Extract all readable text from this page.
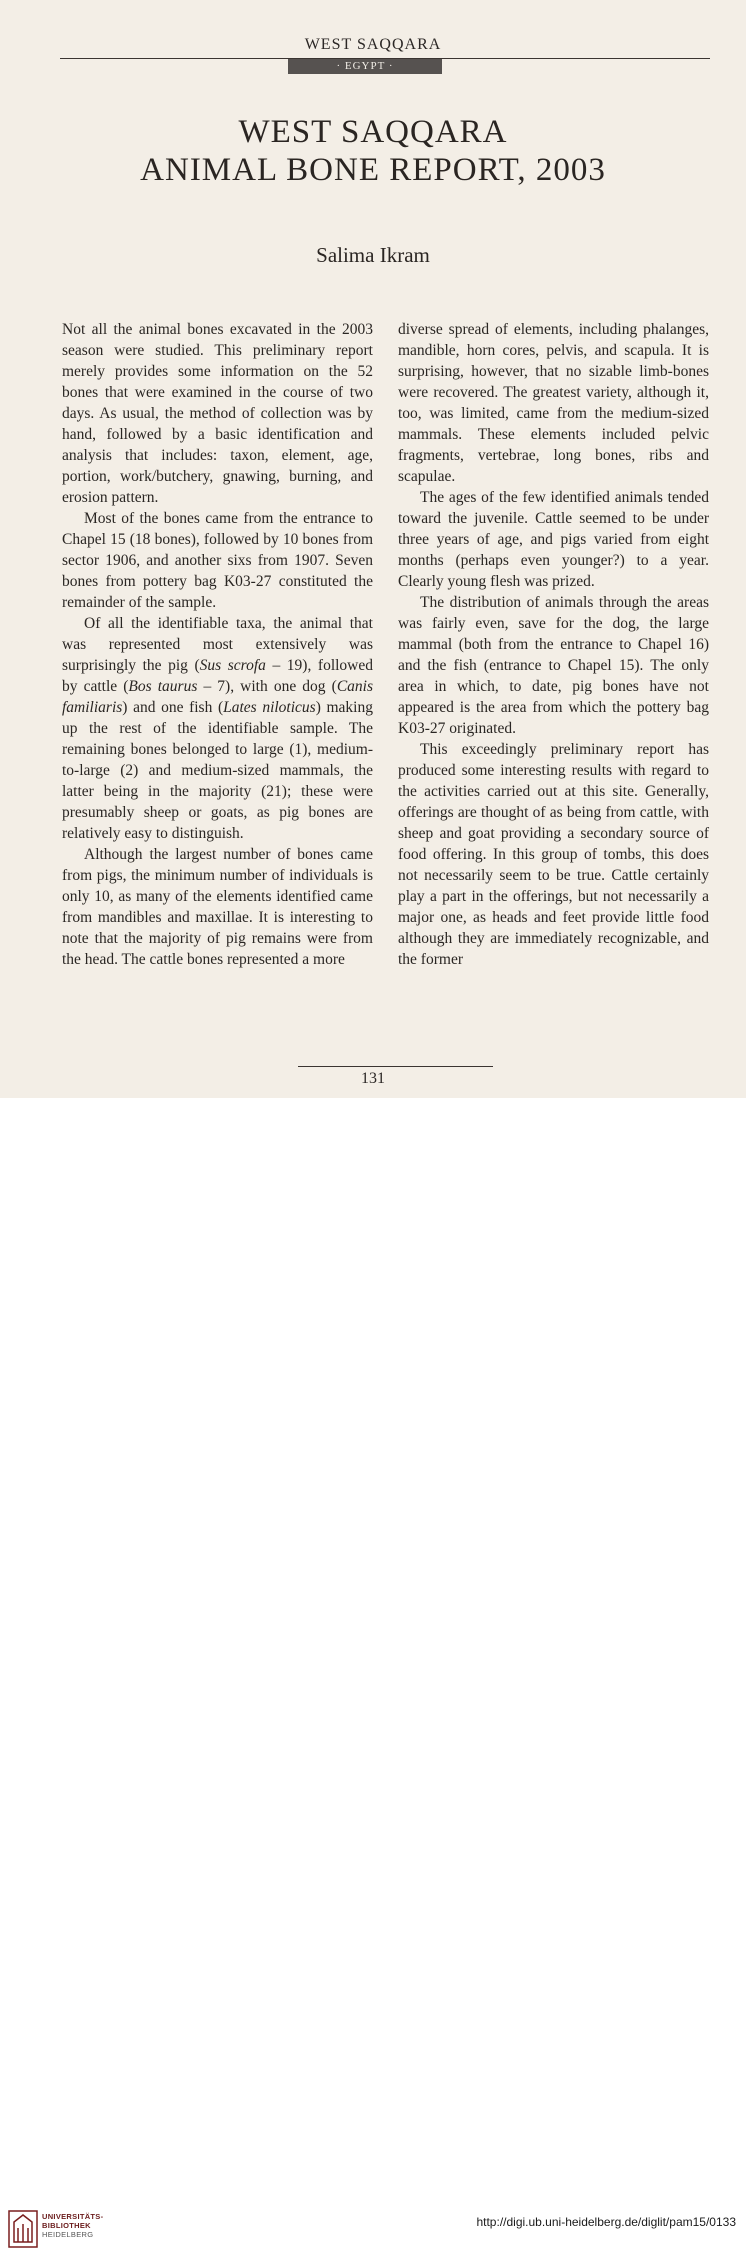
WEST SAQQARA
· EGYPT ·
WEST SAQQARA
ANIMAL BONE REPORT, 2003
Salima Ikram

Not all the animal bones excavated in the 2003 season were studied. This preliminary report merely provides some information on the 52 bones that were examined in the course of two days. As usual, the method of collection was by hand, followed by a basic identification and analysis that includes: taxon, element, age, portion, work/butchery, gnawing, burning, and erosion pattern.

Most of the bones came from the entrance to Chapel 15 (18 bones), followed by 10 bones from sector 1906, and another sixs from 1907. Seven bones from pottery bag K03-27 constituted the remainder of the sample.

Of all the identifiable taxa, the animal that was represented most extensively was surprisingly the pig (Sus scrofa – 19), followed by cattle (Bos taurus – 7), with one dog (Canis familiaris) and one fish (Lates niloticus) making up the rest of the identifiable sample. The remaining bones belonged to large (1), medium-to-large (2) and medium-sized mammals, the latter being in the majority (21); these were presumably sheep or goats, as pig bones are relatively easy to distinguish.

Although the largest number of bones came from pigs, the minimum number of individuals is only 10, as many of the elements identified came from mandibles and maxillae. It is interesting to note that the majority of pig remains were from the head. The cattle bones represented a more

diverse spread of elements, including phalanges, mandible, horn cores, pelvis, and scapula. It is surprising, however, that no sizable limb-bones were recovered. The greatest variety, although it, too, was limited, came from the medium-sized mammals. These elements included pelvic fragments, vertebrae, long bones, ribs and scapulae.

The ages of the few identified animals tended toward the juvenile. Cattle seemed to be under three years of age, and pigs varied from eight months (perhaps even younger?) to a year. Clearly young flesh was prized.

The distribution of animals through the areas was fairly even, save for the dog, the large mammal (both from the entrance to Chapel 16) and the fish (entrance to Chapel 15). The only area in which, to date, pig bones have not appeared is the area from which the pottery bag K03-27 originated.

This exceedingly preliminary report has produced some interesting results with regard to the activities carried out at this site. Generally, offerings are thought of as being from cattle, with sheep and goat providing a secondary source of food offering. In this group of tombs, this does not necessarily seem to be true. Cattle certainly play a part in the offerings, but not necessarily a major one, as heads and feet provide little food although they are immediately recognizable, and the former

131
UNIVERSITÄTS-
BIBLIOTHEK
HEIDELBERG
http://digi.ub.uni-heidelberg.de/diglit/pam15/0133
